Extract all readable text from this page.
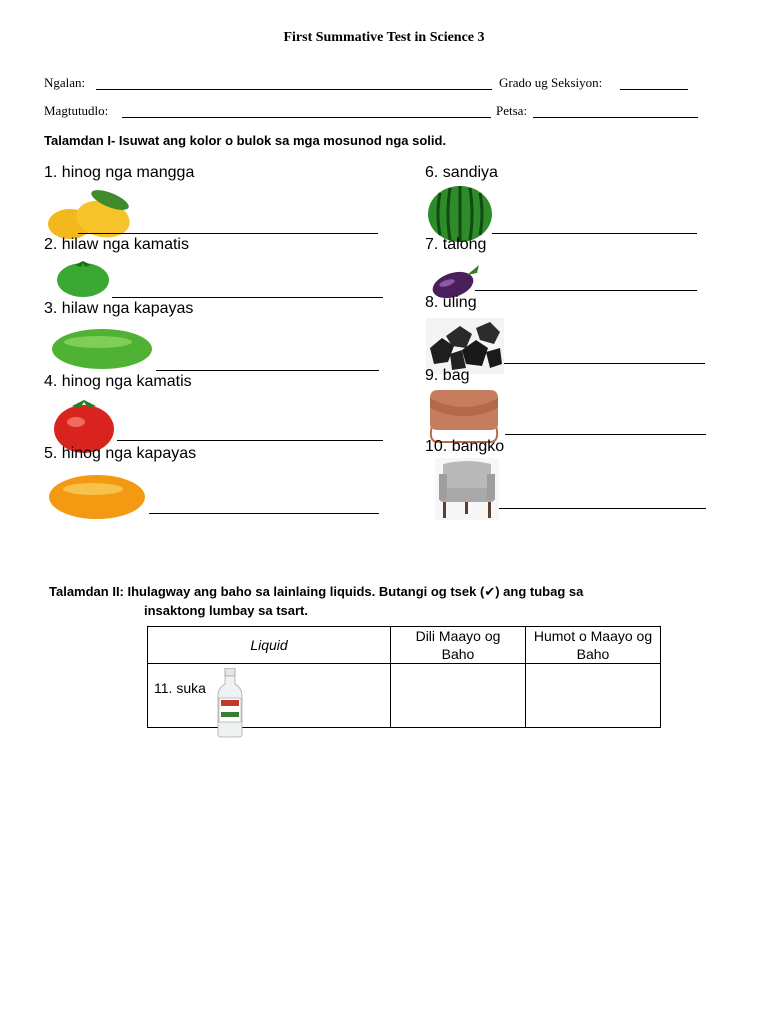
First Summative Test in Science 3
Ngalan:	Grado ug Seksiyon:
Magtutudlo:	Petsa:
Talamdan I- Isuwat ang kolor o bulok sa mga mosunod nga solid.
1. hinog nga mangga
2. hilaw nga kamatis
3. hilaw nga kapayas
4. hinog nga kamatis
5. hinog nga kapayas
6. sandiya
7. talong
8. uling
9. bag
10. bangko
Talamdan II: Ihulagway ang baho sa lainlaing liquids. Butangi og tsek (✔) ang tubag sa
insaktong lumbay sa tsart.
Liquid	Dili Maayo og Baho	Humot o Maayo og Baho

11. suka		
